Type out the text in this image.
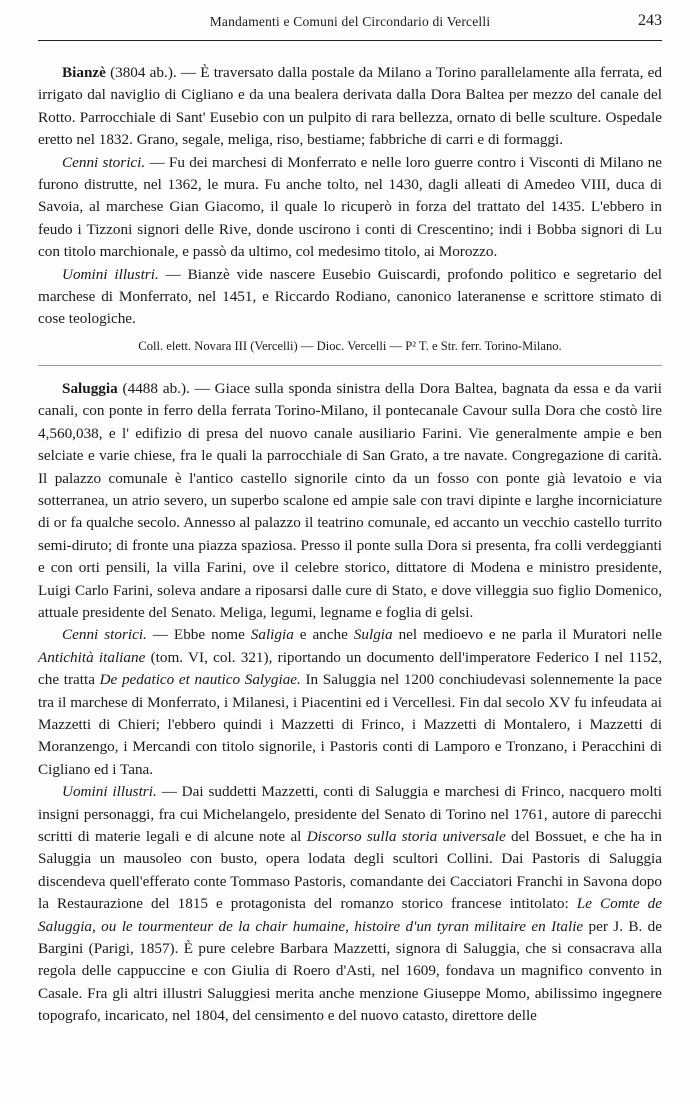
Mandamenti e Comuni del Circondario di Vercelli	243

Bianzè (3804 ab.). — È traversato dalla postale da Milano a Torino parallelamente alla ferrata, ed irrigato dal naviglio di Cigliano e da una bealera derivata dalla Dora Baltea per mezzo del canale del Rotto. Parrocchiale di Sant' Eusebio con un pulpito di rara bellezza, ornato di belle sculture. Ospedale eretto nel 1832. Grano, segale, meliga, riso, bestiame; fabbriche di carri e di formaggi.

Cenni storici. — Fu dei marchesi di Monferrato e nelle loro guerre contro i Visconti di Milano ne furono distrutte, nel 1362, le mura. Fu anche tolto, nel 1430, dagli alleati di Amedeo VIII, duca di Savoia, al marchese Gian Giacomo, il quale lo ricuperò in forza del trattato del 1435. L'ebbero in feudo i Tizzoni signori delle Rive, donde uscirono i conti di Crescentino; indi i Bobba signori di Lu con titolo marchionale, e passò da ultimo, col medesimo titolo, ai Morozzo.

Uomini illustri. — Bianzè vide nascere Eusebio Guiscardi, profondo politico e segretario del marchese di Monferrato, nel 1451, e Riccardo Rodiano, canonico lateranense e scrittore stimato di cose teologiche.

Coll. elett. Novara III (Vercelli) — Dioc. Vercelli — P² T. e Str. ferr. Torino-Milano.

Saluggia (4488 ab.). — Giace sulla sponda sinistra della Dora Baltea, bagnata da essa e da varii canali, con ponte in ferro della ferrata Torino-Milano, il pontecanale Cavour sulla Dora che costò lire 4,560,038, e l' edifizio di presa del nuovo canale ausiliario Farini. Vie generalmente ampie e ben selciate e varie chiese, fra le quali la parrocchiale di San Grato, a tre navate. Congregazione di carità. Il palazzo comunale è l'antico castello signorile cinto da un fosso con ponte già levatoio e via sotterranea, un atrio severo, un superbo scalone ed ampie sale con travi dipinte e larghe incorniciature di or fa qualche secolo. Annesso al palazzo il teatrino comunale, ed accanto un vecchio castello turrito semi-diruto; di fronte una piazza spaziosa. Presso il ponte sulla Dora si presenta, fra colli verdeggianti e con orti pensili, la villa Farini, ove il celebre storico, dittatore di Modena e ministro presidente, Luigi Carlo Farini, soleva andare a riposarsi dalle cure di Stato, e dove villeggia suo figlio Domenico, attuale presidente del Senato. Meliga, legumi, legname e foglia di gelsi.

Cenni storici. — Ebbe nome Saligia e anche Sulgia nel medioevo e ne parla il Muratori nelle Antichità italiane (tom. VI, col. 321), riportando un documento dell'imperatore Federico I nel 1152, che tratta De pedatico et nautico Salygiae. In Saluggia nel 1200 conchiudevasi solennemente la pace tra il marchese di Monferrato, i Milanesi, i Piacentini ed i Vercellesi. Fin dal secolo XV fu infeudata ai Mazzetti di Chieri; l'ebbero quindi i Mazzetti di Frinco, i Mazzetti di Montalero, i Mazzetti di Moranzengo, i Mercandi con titolo signorile, i Pastoris conti di Lamporo e Tronzano, i Peracchini di Cigliano ed i Tana.

Uomini illustri. — Dai suddetti Mazzetti, conti di Saluggia e marchesi di Frinco, nacquero molti insigni personaggi, fra cui Michelangelo, presidente del Senato di Torino nel 1761, autore di parecchi scritti di materie legali e di alcune note al Discorso sulla storia universale del Bossuet, e che ha in Saluggia un mausoleo con busto, opera lodata degli scultori Collini. Dai Pastoris di Saluggia discendeva quell'efferato conte Tommaso Pastoris, comandante dei Cacciatori Franchi in Savona dopo la Restaurazione del 1815 e protagonista del romanzo storico francese intitolato: Le Comte de Saluggia, ou le tourmenteur de la chair humaine, histoire d'un tyran militaire en Italie per J. B. de Bargini (Parigi, 1857). È pure celebre Barbara Mazzetti, signora di Saluggia, che si consacrava alla regola delle cappuccine e con Giulia di Roero d'Asti, nel 1609, fondava un magnifico convento in Casale. Fra gli altri illustri Saluggiesi merita anche menzione Giuseppe Momo, abilissimo ingegnere topografo, incaricato, nel 1804, del censimento e del nuovo catasto, direttore delle
